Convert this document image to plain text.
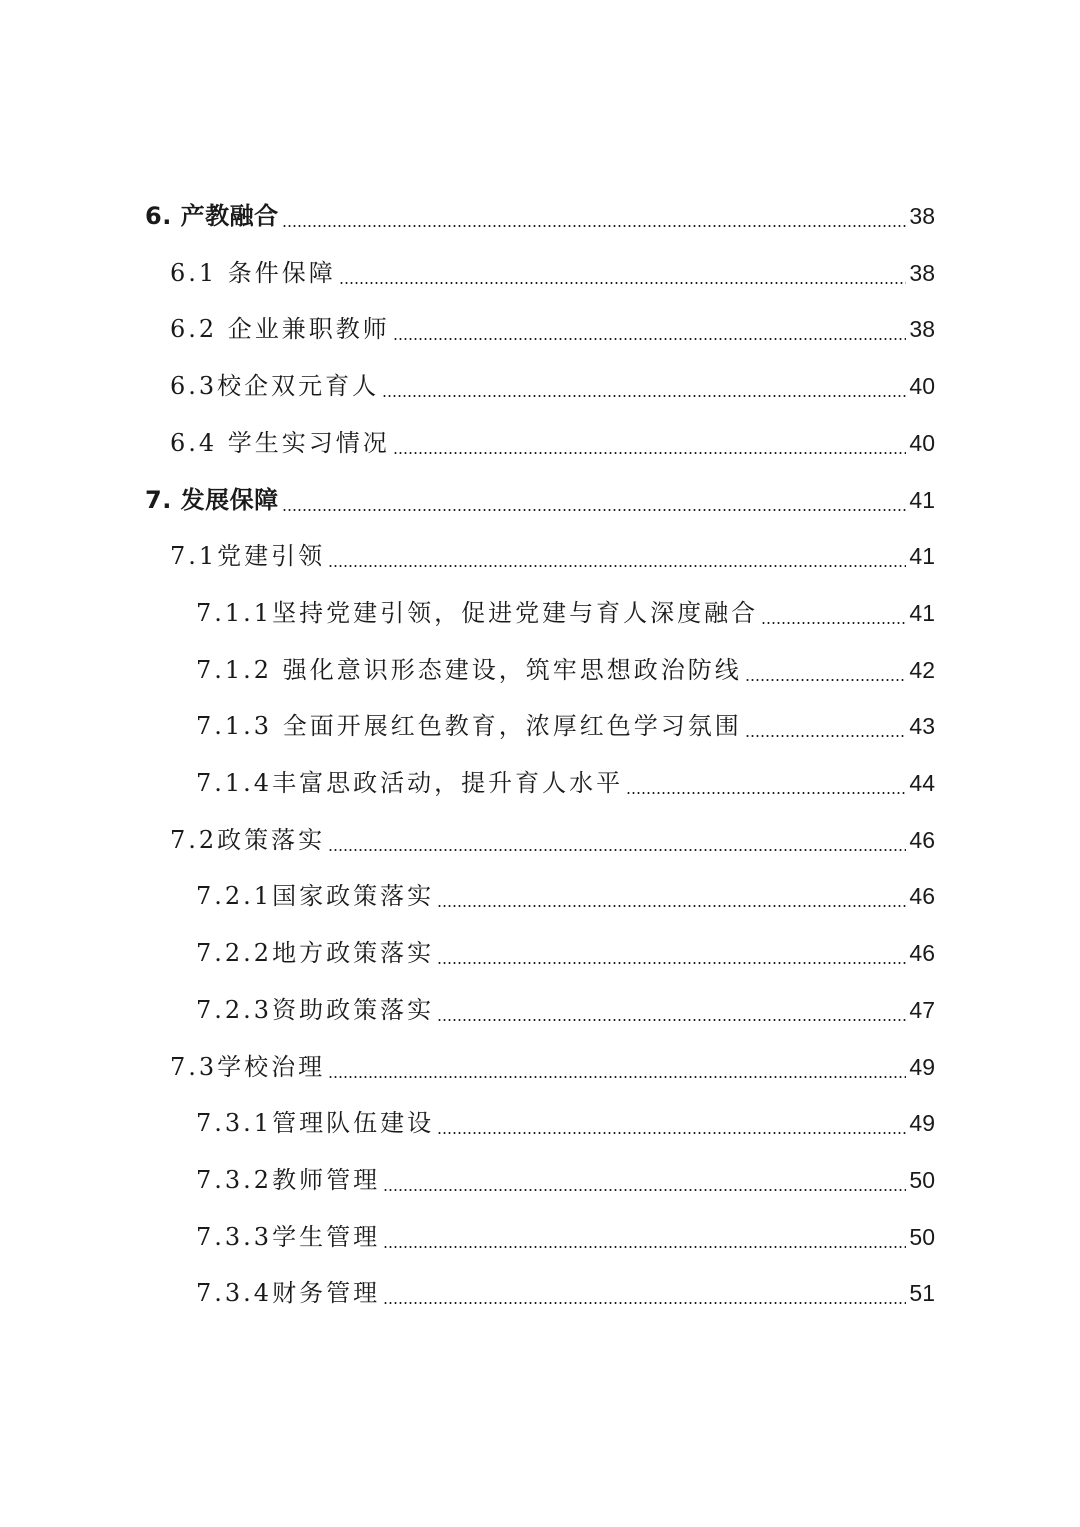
6. 产教融合	38
6.1 条件保障	38
6.2 企业兼职教师	38
6.3校企双元育人	40
6.4 学生实习情况	40
7. 发展保障	41
7.1党建引领	41
7.1.1坚持党建引领，促进党建与育人深度融合	41
7.1.2 强化意识形态建设，筑牢思想政治防线	42
7.1.3 全面开展红色教育，浓厚红色学习氛围	43
7.1.4丰富思政活动，提升育人水平	44
7.2政策落实	46
7.2.1国家政策落实	46
7.2.2地方政策落实	46
7.2.3资助政策落实	47
7.3学校治理	49
7.3.1管理队伍建设	49
7.3.2教师管理	50
7.3.3学生管理	50
7.3.4财务管理	51
